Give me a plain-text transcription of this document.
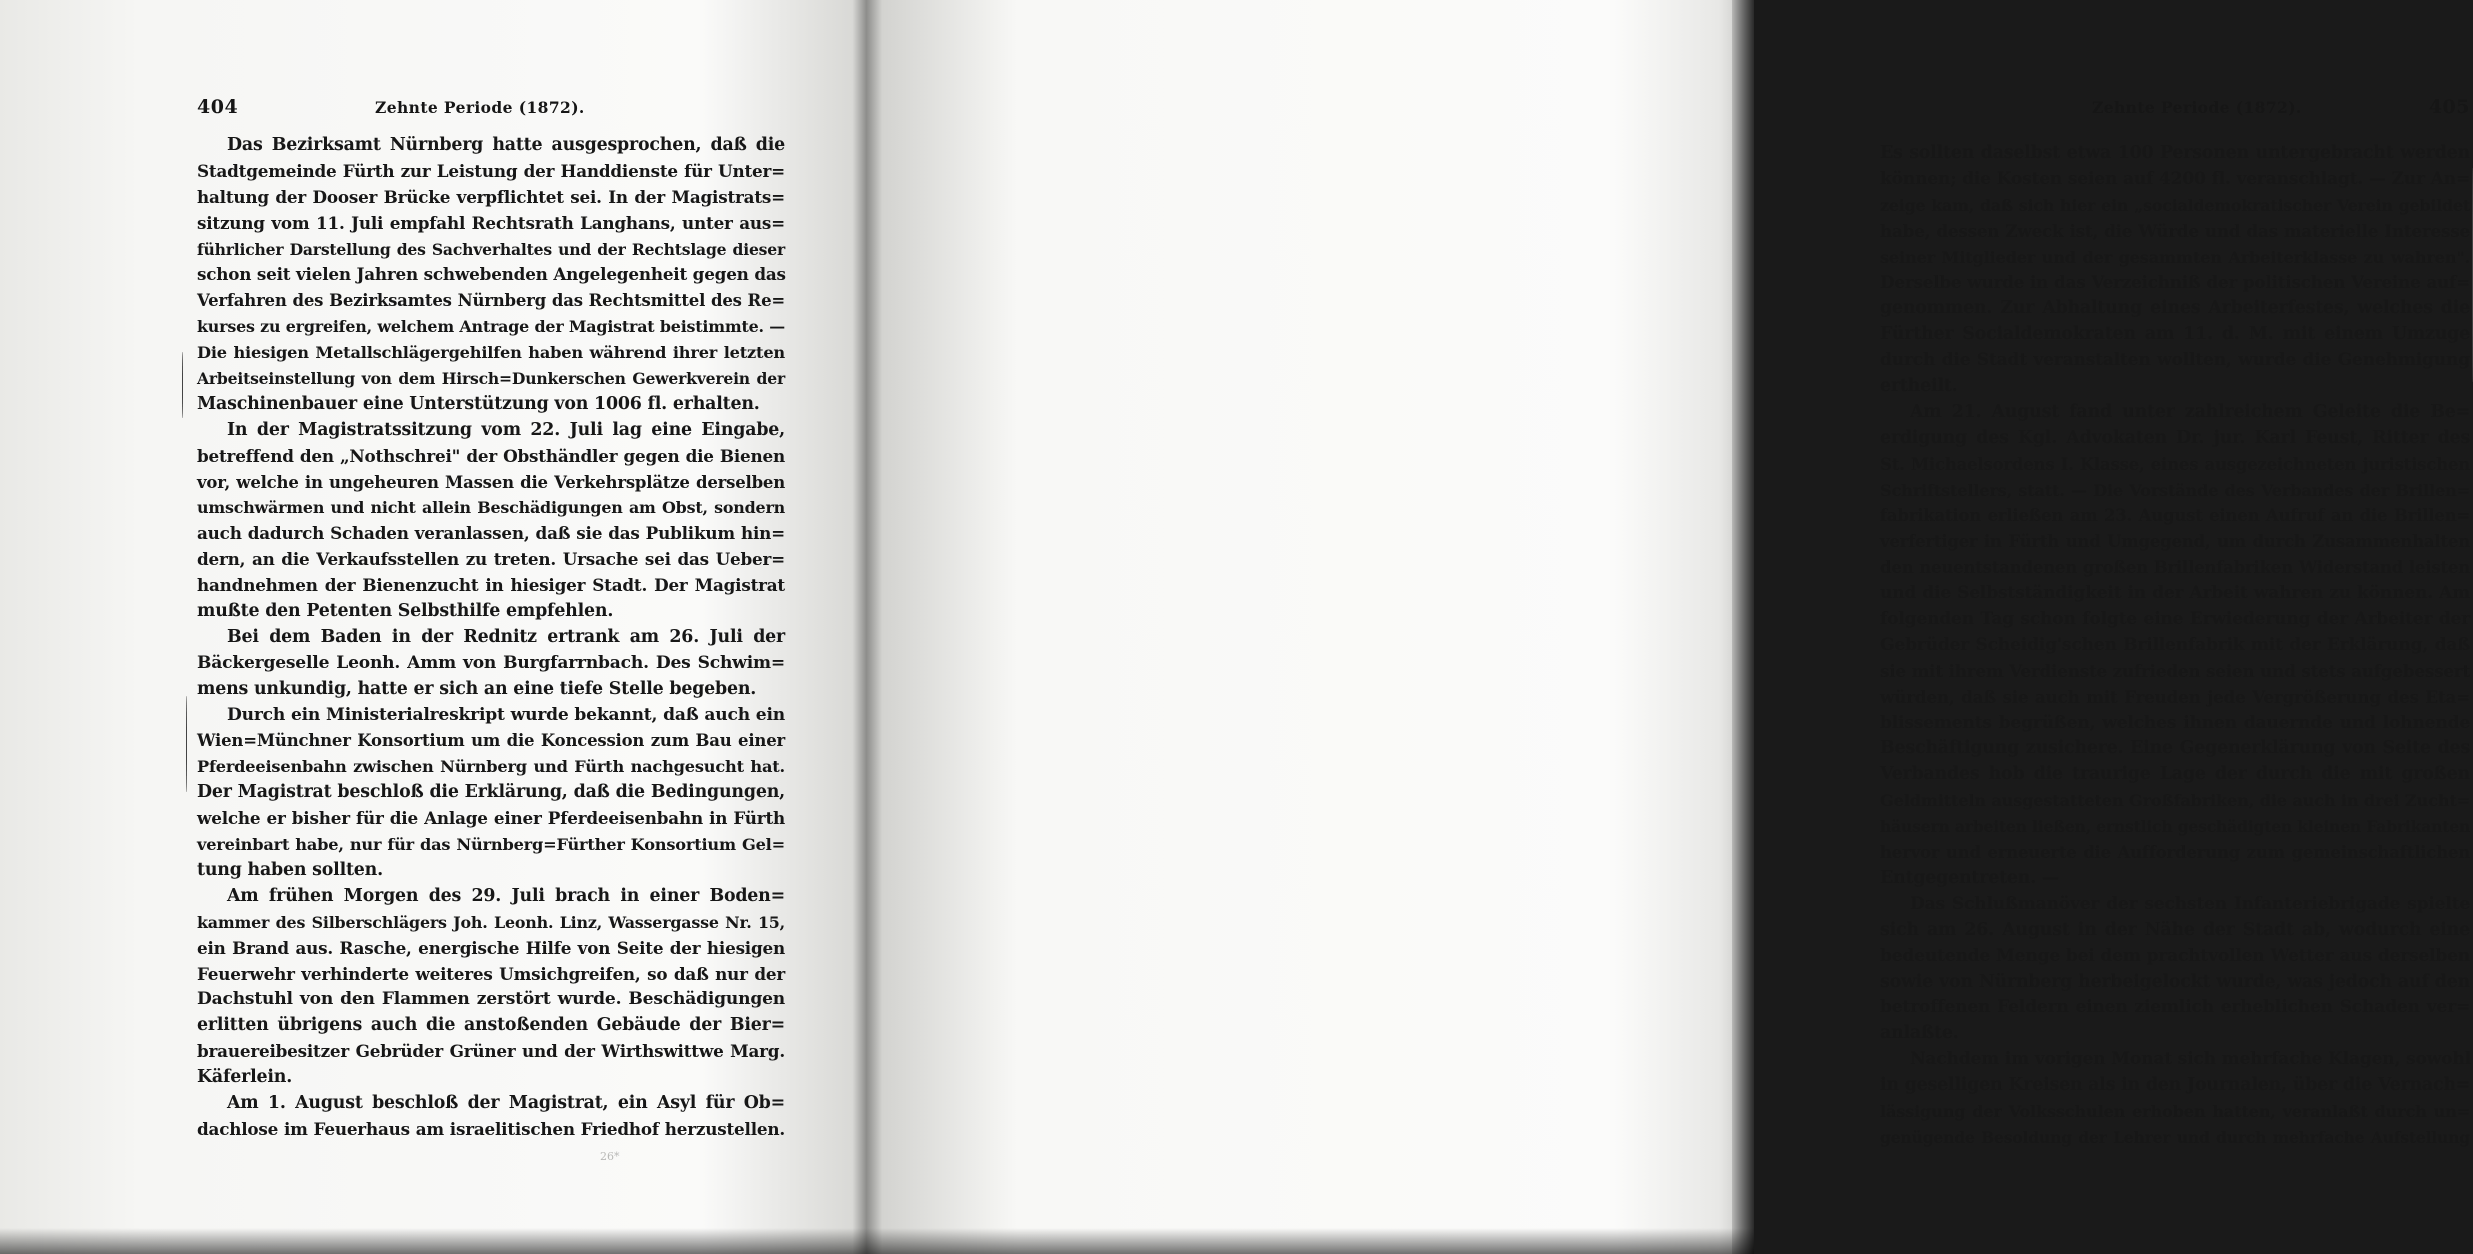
404	Zehnte Periode (1872).
Das Bezirksamt Nürnberg hatte ausgesprochen, daß die
Stadtgemeinde Fürth zur Leistung der Handdienste für Unter=
haltung der Dooser Brücke verpflichtet sei. In der Magistrats=
sitzung vom 11. Juli empfahl Rechtsrath Langhans, unter aus=
führlicher Darstellung des Sachverhaltes und der Rechtslage dieser
schon seit vielen Jahren schwebenden Angelegenheit gegen das
Verfahren des Bezirksamtes Nürnberg das Rechtsmittel des Re=
kurses zu ergreifen, welchem Antrage der Magistrat beistimmte. —
Die hiesigen Metallschlägergehilfen haben während ihrer letzten
Arbeitseinstellung von dem Hirsch=Dunkerschen Gewerkverein der
Maschinenbauer eine Unterstützung von 1006 fl. erhalten.
In der Magistratssitzung vom 22. Juli lag eine Eingabe,
betreffend den „Nothschrei" der Obsthändler gegen die Bienen
vor, welche in ungeheuren Massen die Verkehrsplätze derselben
umschwärmen und nicht allein Beschädigungen am Obst, sondern
auch dadurch Schaden veranlassen, daß sie das Publikum hin=
dern, an die Verkaufsstellen zu treten. Ursache sei das Ueber=
handnehmen der Bienenzucht in hiesiger Stadt. Der Magistrat
mußte den Petenten Selbsthilfe empfehlen.
Bei dem Baden in der Rednitz ertrank am 26. Juli der
Bäckergeselle Leonh. Amm von Burgfarrnbach. Des Schwim=
mens unkundig, hatte er sich an eine tiefe Stelle begeben.
Durch ein Ministerialreskript wurde bekannt, daß auch ein
Wien=Münchner Konsortium um die Koncession zum Bau einer
Pferdeeisenbahn zwischen Nürnberg und Fürth nachgesucht hat.
Der Magistrat beschloß die Erklärung, daß die Bedingungen,
welche er bisher für die Anlage einer Pferdeeisenbahn in Fürth
vereinbart habe, nur für das Nürnberg=Fürther Konsortium Gel=
tung haben sollten.
Am frühen Morgen des 29. Juli brach in einer Boden=
kammer des Silberschlägers Joh. Leonh. Linz, Wassergasse Nr. 15,
ein Brand aus. Rasche, energische Hilfe von Seite der hiesigen
Feuerwehr verhinderte weiteres Umsichgreifen, so daß nur der
Dachstuhl von den Flammen zerstört wurde. Beschädigungen
erlitten übrigens auch die anstoßenden Gebäude der Bier=
brauereibesitzer Gebrüder Grüner und der Wirthswittwe Marg.
Käferlein.
Am 1. August beschloß der Magistrat, ein Asyl für Ob=
dachlose im Feuerhaus am israelitischen Friedhof herzustellen.
26*
Zehnte Periode (1872).	405
Es sollten daselbst etwa 100 Personen untergebracht werden
können; die Kosten seien auf 4200 fl. veranschlagt. — Zur An=
zeige kam, daß sich hier ein „socialdemokratischer Verein gebildet
habe, dessen Zweck ist, die Würde und das materielle Interesse
seiner Mitglieder und der gesammten Arbeiterklasse zu wahren".
Derselbe wurde in das Verzeichniß der politischen Vereine auf=
genommen. Zur Abhaltung eines Arbeiterfestes, welches die
Fürther Socialdemokraten am 11. d. M. mit einem Umzuge
durch die Stadt veranstalten wollten, wurde die Genehmigung
ertheilt.
Am 21. August fand unter zahlreichem Geleite die Be=
erdigung des Kgl. Advokaten Dr. jur. Karl Feust, Ritter des
St. Michaelsordens I. Klasse, eines ausgezeichneten juristischen
Schriftstellers, statt. — Die Vorstände des Verbandes der Brillen=
fabrikation erließen am 23. August einen Aufruf an die Brillen=
verfertiger in Fürth und Umgegend, um durch Zusammenhalten
den neuentstandenen großen Brillenfabriken Widerstand leisten
und die Selbstständigkeit in der Arbeit wahren zu können. Am
folgenden Tag schon folgte eine Erwiederung der Arbeiter der
Gebrüder Scheidig'schen Brillenfabrik mit der Erklärung, daß
sie mit ihrem Verdienste zufrieden seien und stets aufgebessert
würden, daß sie auch mit Freuden jede Vergrößerung des Eta=
blissements begrüßen, welches ihnen dauernde und lohnende
Beschäftigung zusichere. Eine Gegenerklärung von Seite des
Verbandes hob die traurige Lage der durch die mit großen
Geldmitteln ausgestatteten Großfabriken, die auch in drei Zucht=
häusern arbeiten ließen, ernstlich geschädigten kleinen Fabrikanten
hervor und erneuerte die Aufforderung zum gemeinschaftlichen
Entgegentreten. —
Das Schlußmanöver der sechsten Infanteriebrigade spielte
sich am 26. August in der Nähe der Stadt ab, wodurch eine
bedeutende Menge bei dem prachtvollen Wetter aus derselben
sowie von Nürnberg herbeigelockt wurde, was jedoch auf den
betroffenen Feldern einen ziemlich erheblichen Schaden ver=
anlaßte.
Nachdem im vorigen Monat sich mehrfache Klagen, sowohl
in geselligen Kreisen als in den Journalen, über die Vernach=
lässigung der Volksschulen erhoben hatten, veranlaßt durch un=
genügende Besoldung der Lehrer und durch mehrfache Aufstellung
